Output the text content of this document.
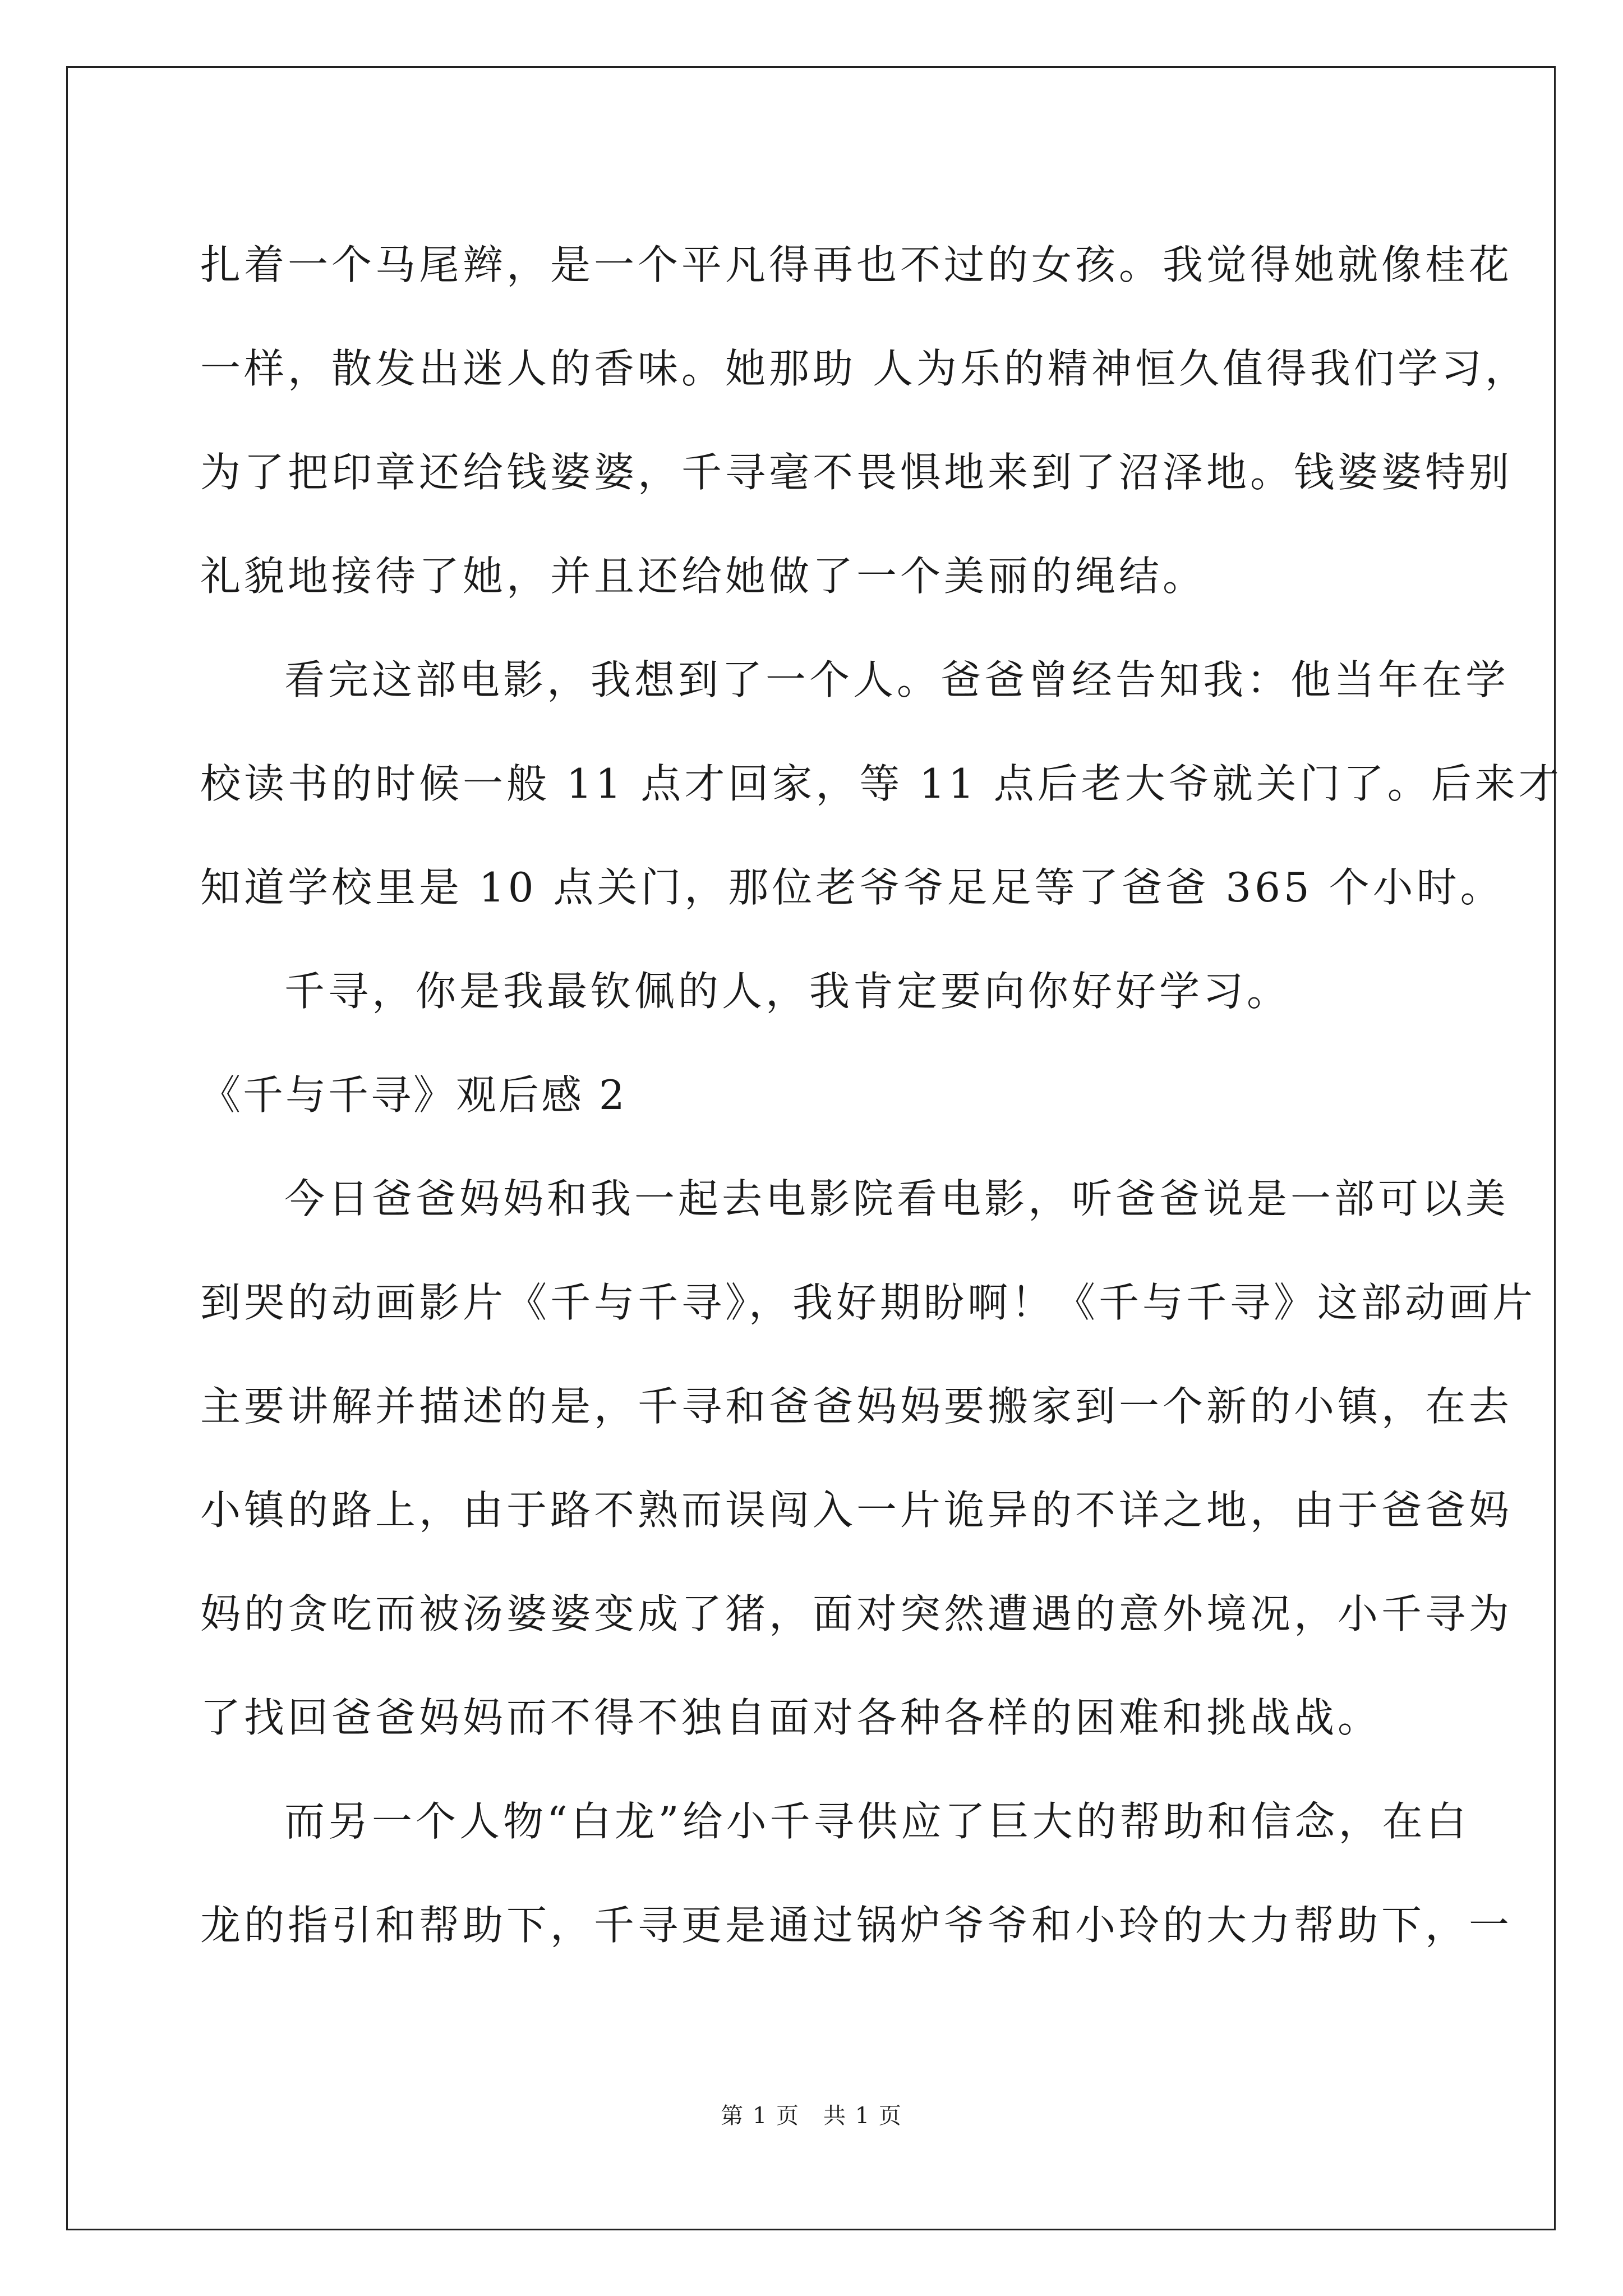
扎着一个马尾辫，是一个平凡得再也不过的女孩。我觉得她就像桂花
一样，散发出迷人的香味。她那助 人为乐的精神恒久值得我们学习，
为了把印章还给钱婆婆，千寻毫不畏惧地来到了沼泽地。钱婆婆特别
礼貌地接待了她，并且还给她做了一个美丽的绳结。
看完这部电影，我想到了一个人。爸爸曾经告知我：他当年在学
校读书的时候一般 11 点才回家，等 11 点后老大爷就关门了。后来才
知道学校里是 10 点关门，那位老爷爷足足等了爸爸 365 个小时。
千寻，你是我最钦佩的人，我肯定要向你好好学习。
《千与千寻》观后感 2
今日爸爸妈妈和我一起去电影院看电影，听爸爸说是一部可以美
到哭的动画影片《千与千寻》，我好期盼啊！《千与千寻》这部动画片
主要讲解并描述的是，千寻和爸爸妈妈要搬家到一个新的小镇，在去
小镇的路上，由于路不熟而误闯入一片诡异的不详之地，由于爸爸妈
妈的贪吃而被汤婆婆变成了猪，面对突然遭遇的意外境况，小千寻为
了找回爸爸妈妈而不得不独自面对各种各样的困难和挑战战。
而另一个人物“白龙”给小千寻供应了巨大的帮助和信念，在白
龙的指引和帮助下，千寻更是通过锅炉爷爷和小玲的大力帮助下，一
第 1 页　共 1 页
